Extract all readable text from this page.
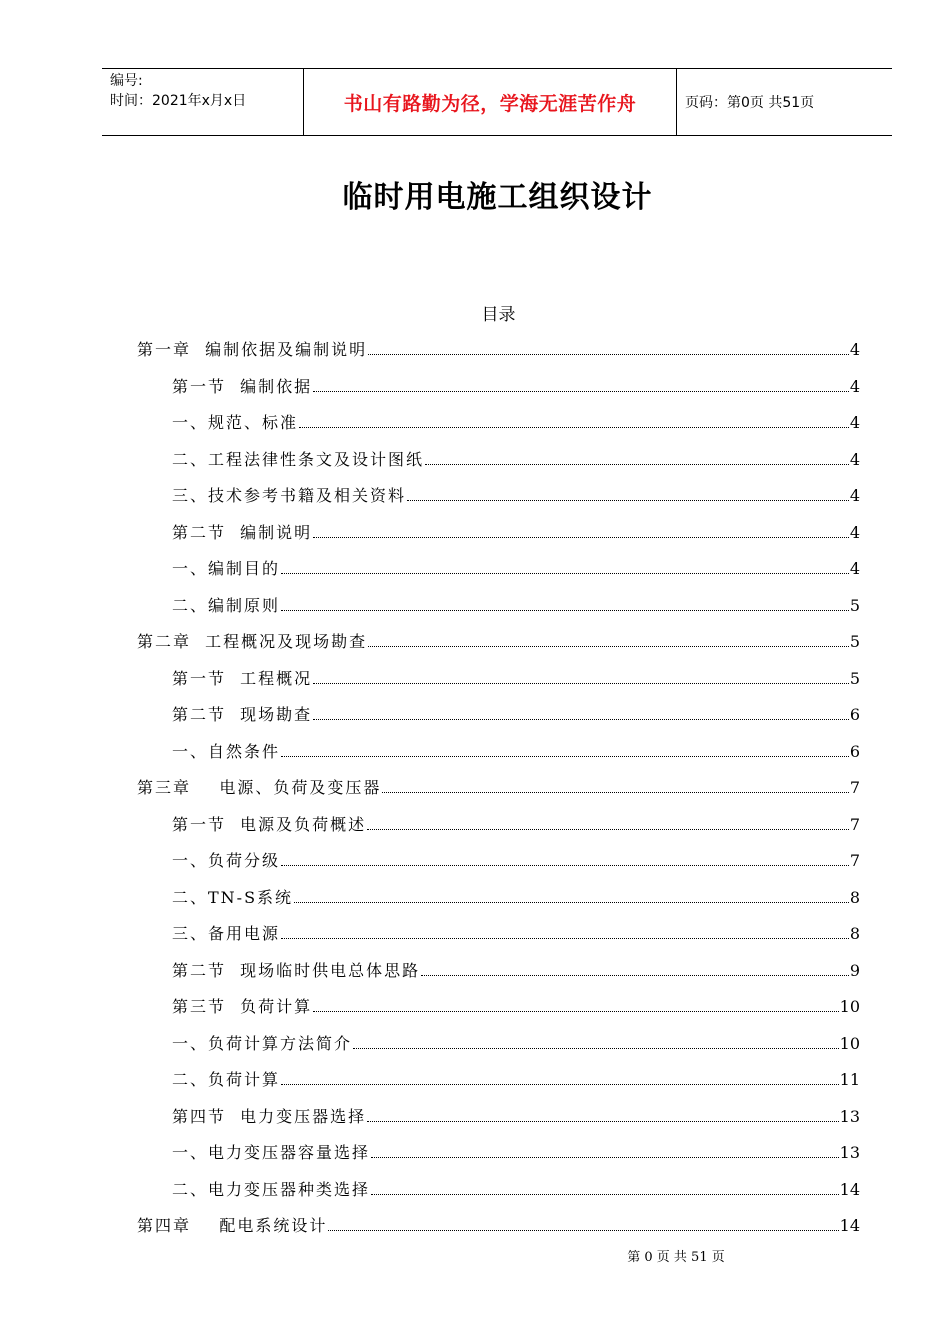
编号:
时间：2021年x月x日	书山有路勤为径，学海无涯苦作舟	页码：第0页 共51页
临时用电施工组织设计
目录
第一章  编制依据及编制说明	4
第一节  编制依据	4
一、规范、标准	4
二、工程法律性条文及设计图纸	4
三、技术参考书籍及相关资料	4
第二节  编制说明	4
一、编制目的	4
二、编制原则	5
第二章  工程概况及现场勘查	5
第一节  工程概况	5
第二节  现场勘查	6
一、自然条件	6
第三章    电源、负荷及变压器	7
第一节  电源及负荷概述	7
一、负荷分级	7
二、TN-S系统	8
三、备用电源	8
第二节  现场临时供电总体思路	9
第三节  负荷计算	10
一、负荷计算方法简介	10
二、负荷计算	11
第四节  电力变压器选择	13
一、电力变压器容量选择	13
二、电力变压器种类选择	14
第四章    配电系统设计	14
第 0 页 共 51 页
